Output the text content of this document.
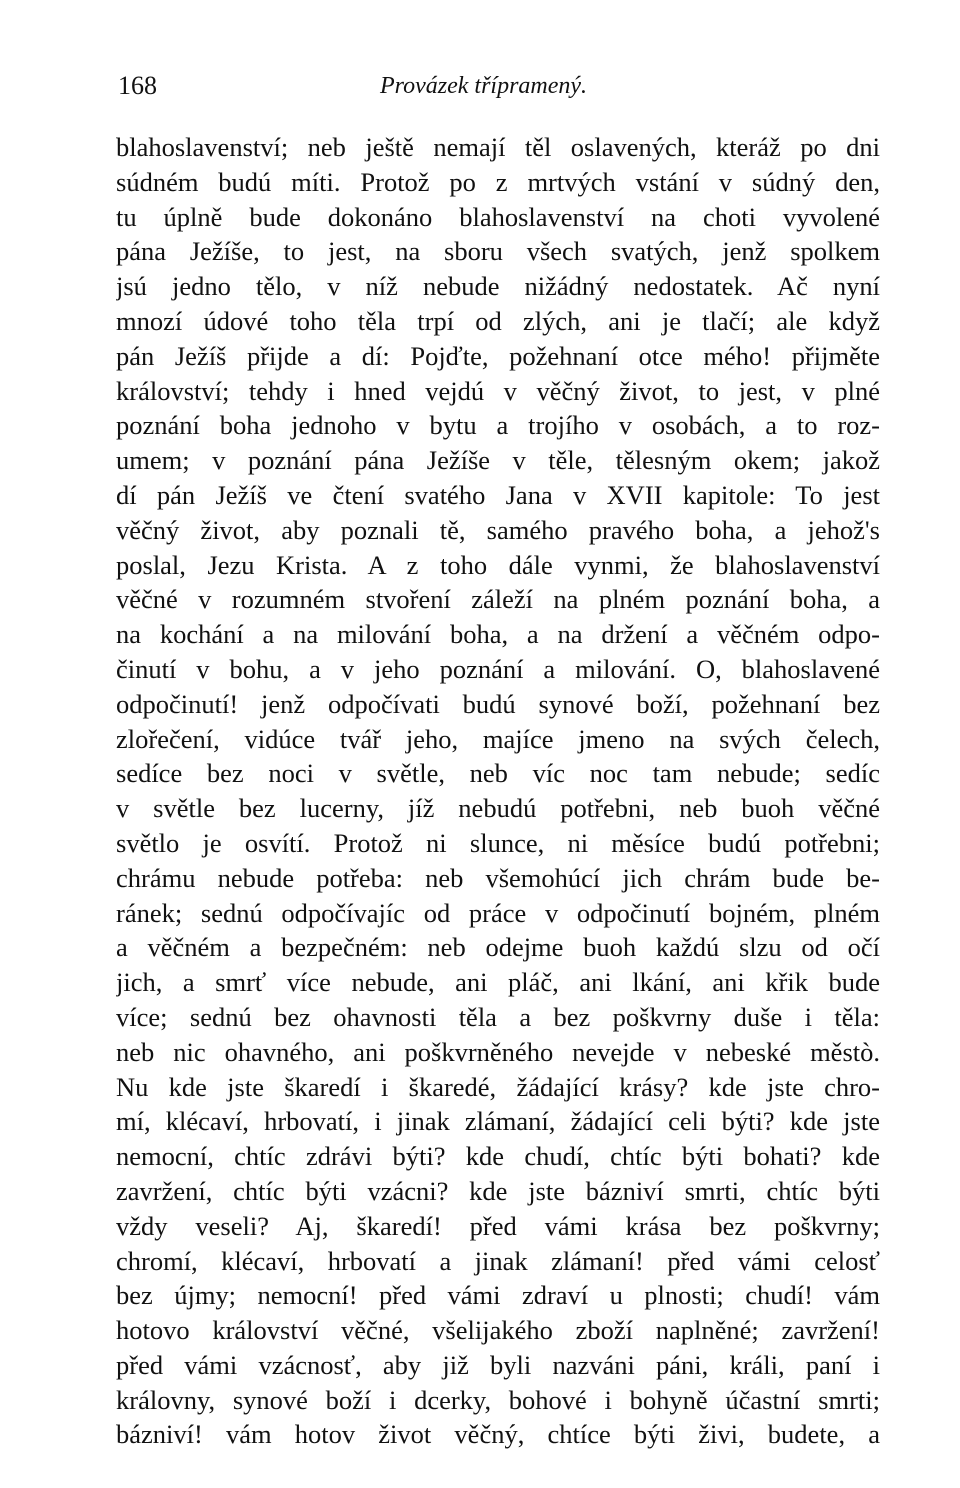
168	Provázek třípramený.
blahoslavenství; neb ještě nemají těl oslavených, kteráž po dni
súdném budú míti. Protož po z mrtvých vstání v súdný den,
tu úplně bude dokonáno blahoslavenství na choti vyvolené
pána Ježíše, to jest, na sboru všech svatých, jenž spolkem
jsú jedno tělo, v níž nebude nižádný nedostatek. Ač nyní
mnozí údové toho těla trpí od zlých, ani je tlačí; ale když
pán Ježíš přijde a dí: Pojďte, požehnaní otce mého! přijměte
království; tehdy i hned vejdú v věčný život, to jest, v plné
poznání boha jednoho v bytu a trojího v osobách, a to roz-
umem; v poznání pána Ježíše v těle, tělesným okem; jakož
dí pán Ježíš ve čtení svatého Jana v XVII kapitole: To jest
věčný život, aby poznali tě, samého pravého boha, a jehož's
poslal, Jezu Krista. A z toho dále vynmi, že blahoslavenství
věčné v rozumném stvoření záleží na plném poznání boha, a
na kochání a na milování boha, a na držení a věčném odpo-
činutí v bohu, a v jeho poznání a milování. O, blahoslavené
odpočinutí! jenž odpočívati budú synové boží, požehnaní bez
zlořečení, vidúce tvář jeho, majíce jmeno na svých čelech,
sedíce bez noci v světle, neb víc noc tam nebude; sedíc
v světle bez lucerny, jíž nebudú potřebni, neb buoh věčné
světlo je osvítí. Protož ni slunce, ni měsíce budú potřebni;
chrámu nebude potřeba: neb všemohúcí jich chrám bude be-
ránek; sednú odpočívajíc od práce v odpočinutí bojném, plném
a věčném a bezpečném: neb odejme buoh každú slzu od očí
jich, a smrť více nebude, ani pláč, ani lkání, ani křik bude
více; sednú bez ohavnosti těla a bez poškvrny duše i těla:
neb nic ohavného, ani poškvrněného nevejde v nebeské městò.
Nu kde jste škaredí i škaredé, žádající krásy? kde jste chro-
mí, klécaví, hrbovatí, i jinak zlámaní, žádající celi býti? kde jste
nemocní, chtíc zdrávi býti? kde chudí, chtíc býti bohati? kde
zavržení, chtíc býti vzácni? kde jste bázniví smrti, chtíc býti
vždy veseli? Aj, škaredí! před vámi krása bez poškvrny;
chromí, klécaví, hrbovatí a jinak zlámaní! před vámi celosť
bez újmy; nemocní! před vámi zdraví u plnosti; chudí! vám
hotovo království věčné, všelijakého zboží naplněné; zavržení!
před vámi vzácnosť, aby již byli nazváni páni, králi, paní i
královny, synové boží i dcerky, bohové i bohyně účastní smrti;
bázniví! vám hotov život věčný, chtíce býti živi, budete, a
